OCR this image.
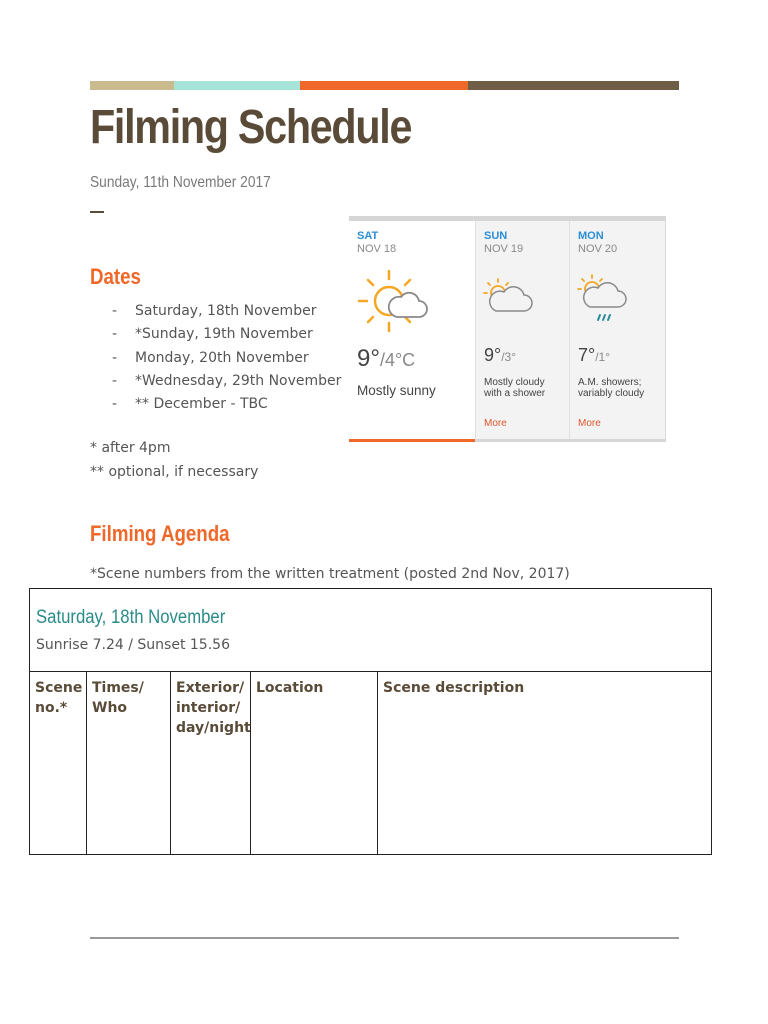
Filming Schedule
Sunday, 11th November 2017
Dates
- Saturday, 18th November
- *Sunday, 19th November
- Monday, 20th November
- *Wednesday, 29th November
- ** December - TBC
* after 4pm
** optional, if necessary
SAT
NOV 18
9°/4°C
Mostly sunny
SUN
NOV 19
9°/3°
Mostly cloudy with a shower
More
MON
NOV 20
7°/1°
A.M. showers; variably cloudy
More
Filming Agenda
*Scene numbers from the written treatment (posted 2nd Nov, 2017)
Saturday, 18th November
Sunrise 7.24 / Sunset 15.56

Scene no.*	Times/ Who	Exterior/ interior/ day/night	Location	Scene description
